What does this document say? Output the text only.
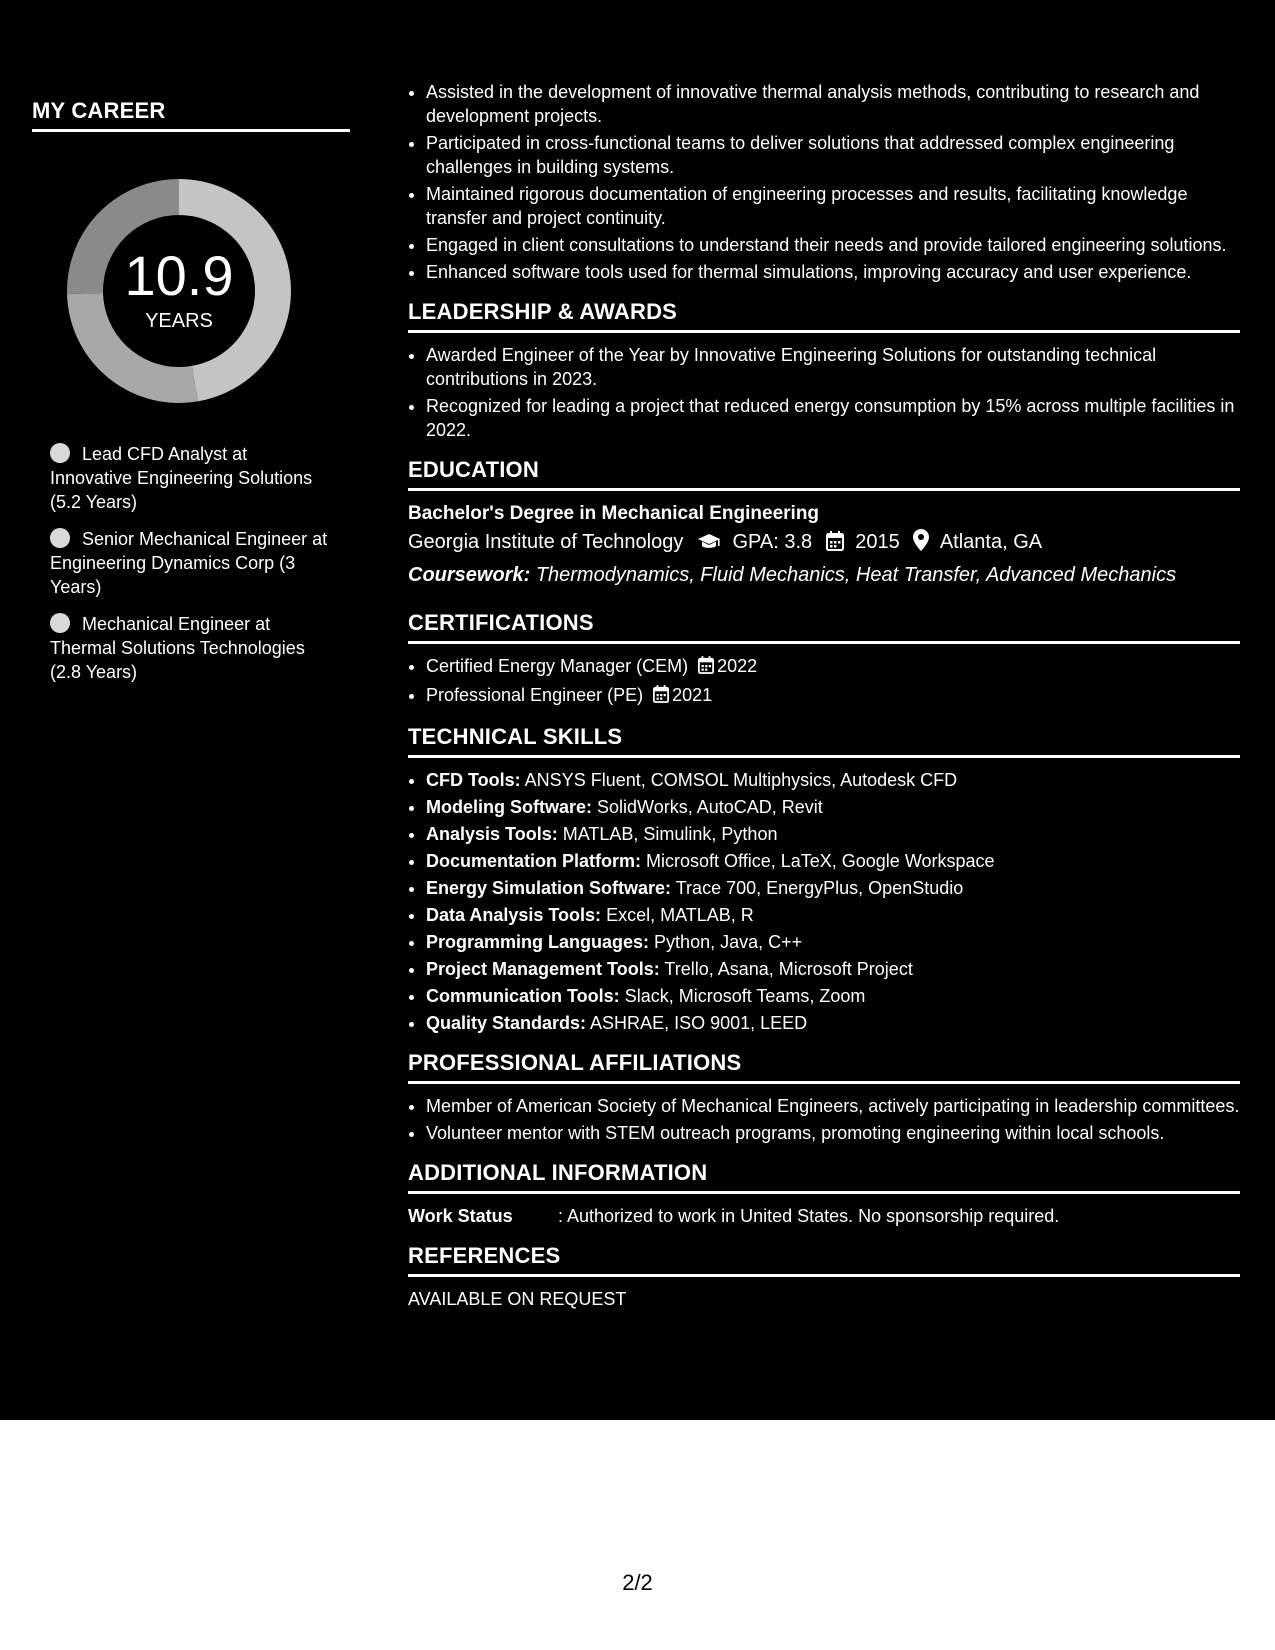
MY CAREER
10.9
YEARS
Lead CFD Analyst at Innovative Engineering Solutions (5.2 Years)
Senior Mechanical Engineer at Engineering Dynamics Corp (3 Years)
Mechanical Engineer at Thermal Solutions Technologies (2.8 Years)
• Assisted in the development of innovative thermal analysis methods, contributing to research and development projects.
• Participated in cross-functional teams to deliver solutions that addressed complex engineering challenges in building systems.
• Maintained rigorous documentation of engineering processes and results, facilitating knowledge transfer and project continuity.
• Engaged in client consultations to understand their needs and provide tailored engineering solutions.
• Enhanced software tools used for thermal simulations, improving accuracy and user experience.
LEADERSHIP & AWARDS
• Awarded Engineer of the Year by Innovative Engineering Solutions for outstanding technical contributions in 2023.
• Recognized for leading a project that reduced energy consumption by 15% across multiple facilities in 2022.
EDUCATION
Bachelor's Degree in Mechanical Engineering
Georgia Institute of Technology GPA: 3.8 2015 Atlanta, GA
Coursework: Thermodynamics, Fluid Mechanics, Heat Transfer, Advanced Mechanics
CERTIFICATIONS
• Certified Energy Manager (CEM) 2022
• Professional Engineer (PE) 2021
TECHNICAL SKILLS
• CFD Tools: ANSYS Fluent, COMSOL Multiphysics, Autodesk CFD
• Modeling Software: SolidWorks, AutoCAD, Revit
• Analysis Tools: MATLAB, Simulink, Python
• Documentation Platform: Microsoft Office, LaTeX, Google Workspace
• Energy Simulation Software: Trace 700, EnergyPlus, OpenStudio
• Data Analysis Tools: Excel, MATLAB, R
• Programming Languages: Python, Java, C++
• Project Management Tools: Trello, Asana, Microsoft Project
• Communication Tools: Slack, Microsoft Teams, Zoom
• Quality Standards: ASHRAE, ISO 9001, LEED
PROFESSIONAL AFFILIATIONS
• Member of American Society of Mechanical Engineers, actively participating in leadership committees.
• Volunteer mentor with STEM outreach programs, promoting engineering within local schools.
ADDITIONAL INFORMATION
Work Status	: Authorized to work in United States. No sponsorship required.
REFERENCES
AVAILABLE ON REQUEST
2/2
